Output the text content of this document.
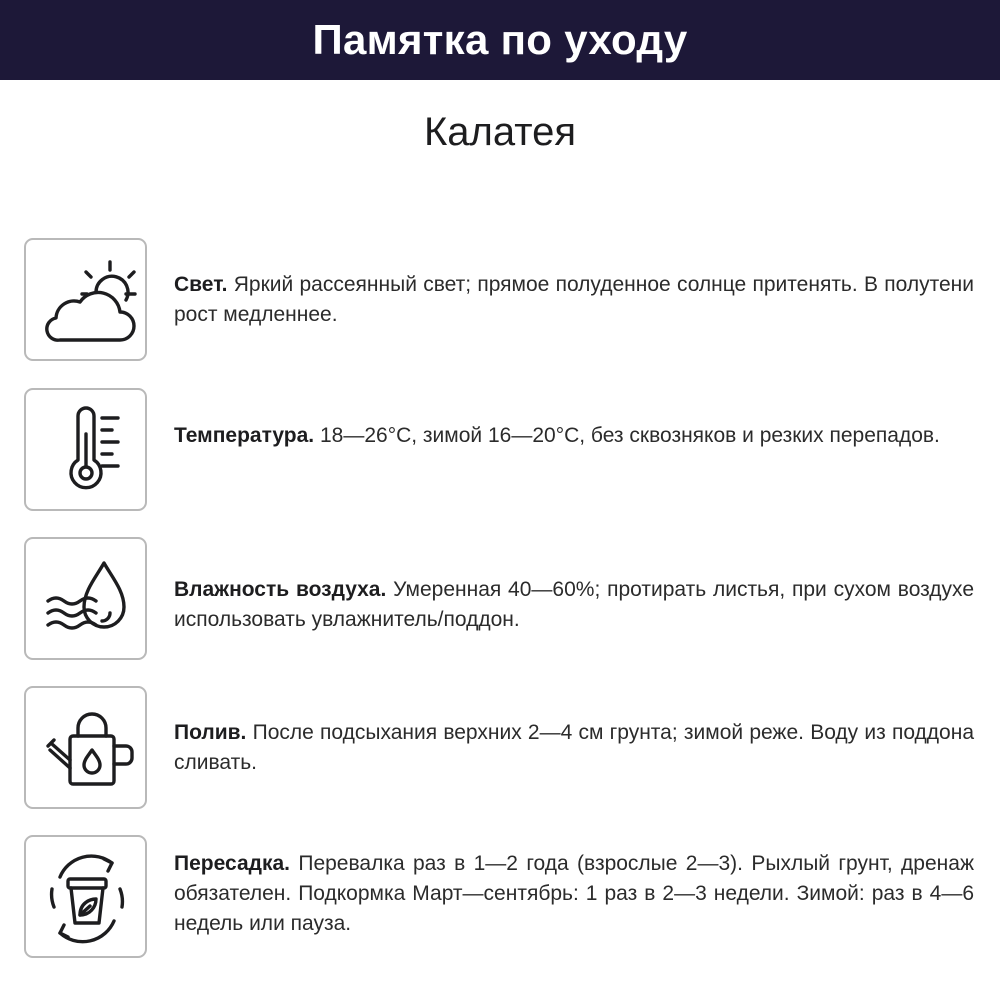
Памятка по уходу
Калатея
Свет. Яркий рассеянный свет; прямое полуденное солнце притенять. В полутени рост медленнее.
Температура. 18—26°C, зимой 16—20°C, без сквозняков и резких перепадов.
Влажность воздуха. Умеренная 40—60%; протирать листья, при сухом воздухе использовать увлажнитель/поддон.
Полив. После подсыхания верхних 2—4 см грунта; зимой реже. Воду из поддона сливать.
Пересадка. Перевалка раз в 1—2 года (взрослые 2—3). Рыхлый грунт, дренаж обязателен. Подкормка Март—сентябрь: 1 раз в 2—3 недели. Зимой: раз в 4—6 недель или пауза.
